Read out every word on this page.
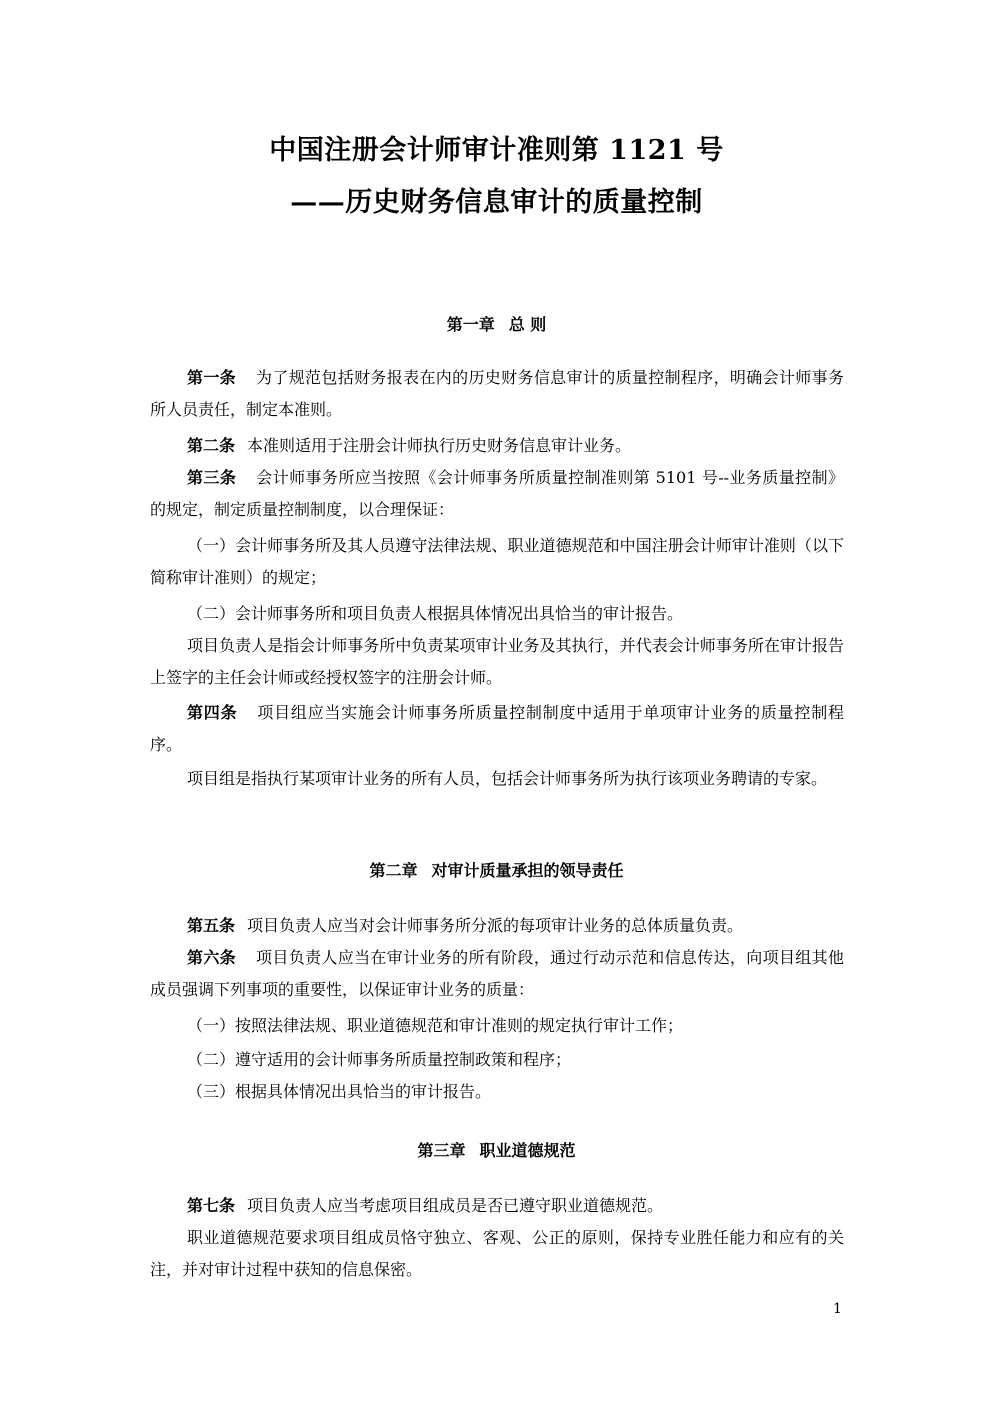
中国注册会计师审计准则第 1121 号
——历史财务信息审计的质量控制
第一章 总 则
第一条 为了规范包括财务报表在内的历史财务信息审计的质量控制程序，明确会计师事务所人员责任，制定本准则。
第二条 本准则适用于注册会计师执行历史财务信息审计业务。
第三条 会计师事务所应当按照《会计师事务所质量控制准则第 5101 号--业务质量控制》的规定，制定质量控制制度，以合理保证：
（一）会计师事务所及其人员遵守法律法规、职业道德规范和中国注册会计师审计准则（以下简称审计准则）的规定；
（二）会计师事务所和项目负责人根据具体情况出具恰当的审计报告。
项目负责人是指会计师事务所中负责某项审计业务及其执行，并代表会计师事务所在审计报告上签字的主任会计师或经授权签字的注册会计师。
第四条 项目组应当实施会计师事务所质量控制制度中适用于单项审计业务的质量控制程序。
项目组是指执行某项审计业务的所有人员，包括会计师事务所为执行该项业务聘请的专家。
第二章 对审计质量承担的领导责任
第五条 项目负责人应当对会计师事务所分派的每项审计业务的总体质量负责。
第六条 项目负责人应当在审计业务的所有阶段，通过行动示范和信息传达，向项目组其他成员强调下列事项的重要性，以保证审计业务的质量：
（一）按照法律法规、职业道德规范和审计准则的规定执行审计工作；
（二）遵守适用的会计师事务所质量控制政策和程序；
（三）根据具体情况出具恰当的审计报告。
第三章 职业道德规范
第七条 项目负责人应当考虑项目组成员是否已遵守职业道德规范。
职业道德规范要求项目组成员恪守独立、客观、公正的原则，保持专业胜任能力和应有的关注，并对审计过程中获知的信息保密。
1
